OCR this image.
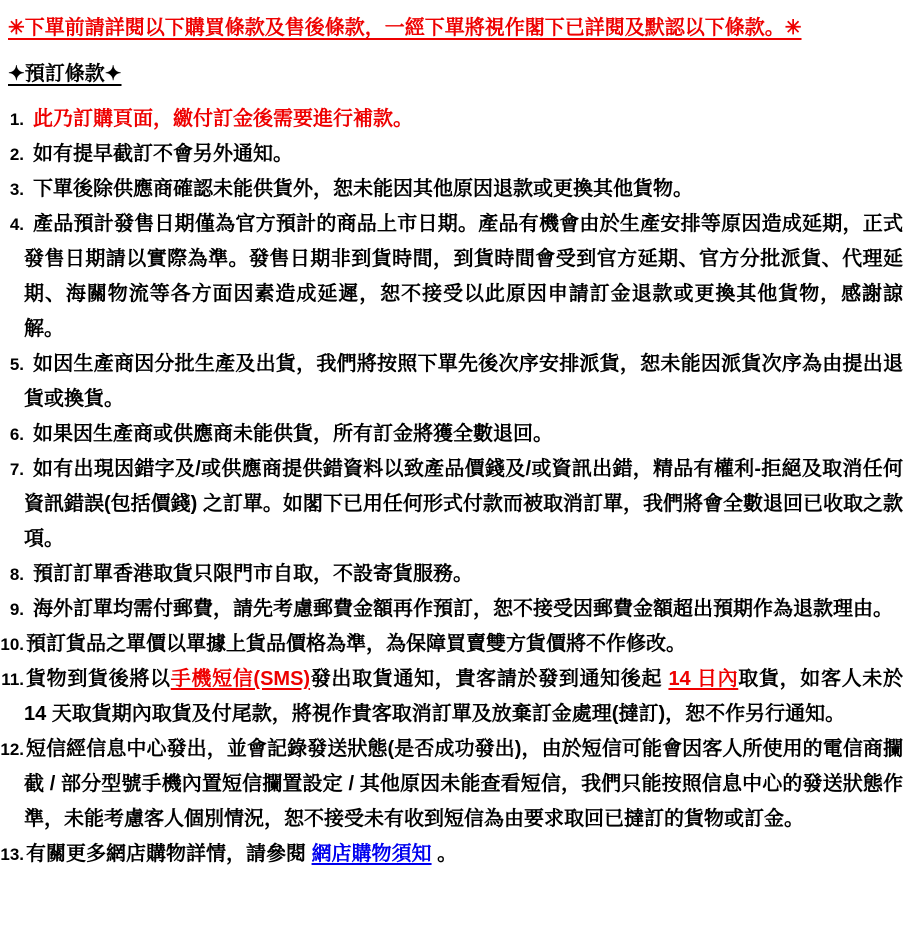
✳下單前請詳閱以下購買條款及售後條款，一經下單將視作閣下已詳閱及默認以下條款。✳
✦預訂條款✦
1. 此乃訂購頁面，繳付訂金後需要進行補款。

2. 如有提早截訂不會另外通知。

3. 下單後除供應商確認未能供貨外，恕未能因其他原因退款或更換其他貨物。

4. 產品預計發售日期僅為官方預計的商品上市日期。產品有機會由於生產安排等原因造成延期，正式發售日期請以實際為準。發售日期非到貨時間，到貨時間會受到官方延期、官方分批派貨、代理延期、海關物流等各方面因素造成延遲，恕不接受以此原因申請訂金退款或更換其他貨物，感謝諒解。

5. 如因生產商因分批生產及出貨，我們將按照下單先後次序安排派貨，恕未能因派貨次序為由提出退貨或換貨。

6. 如果因生產商或供應商未能供貨，所有訂金將獲全數退回。

7. 如有出現因錯字及/或供應商提供錯資料以致產品價錢及/或資訊出錯，精品有權利-拒絕及取消任何資訊錯誤(包括價錢) 之訂單。如閣下已用任何形式付款而被取消訂單，我們將會全數退回已收取之款項。

8. 預訂訂單香港取貨只限門市自取，不設寄貨服務。

9. 海外訂單均需付郵費，請先考慮郵費金額再作預訂，恕不接受因郵費金額超出預期作為退款理由。

10. 預訂貨品之單價以單據上貨品價格為準，為保障買賣雙方貨價將不作修改。

11. 貨物到貨後將以手機短信(SMS)發出取貨通知，貴客請於發到通知後起 14 日內取貨，如客人未於 14 天取貨期內取貨及付尾款，將視作貴客取消訂單及放棄訂金處理(撻訂)，恕不作另行通知。

12. 短信經信息中心發出，並會記錄發送狀態(是否成功發出)，由於短信可能會因客人所使用的電信商攔截 / 部分型號手機內置短信攔置設定 / 其他原因未能查看短信，我們只能按照信息中心的發送狀態作準，未能考慮客人個別情況，恕不接受未有收到短信為由要求取回已撻訂的貨物或訂金。

13. 有關更多網店購物詳情，請參閱 網店購物須知 。
